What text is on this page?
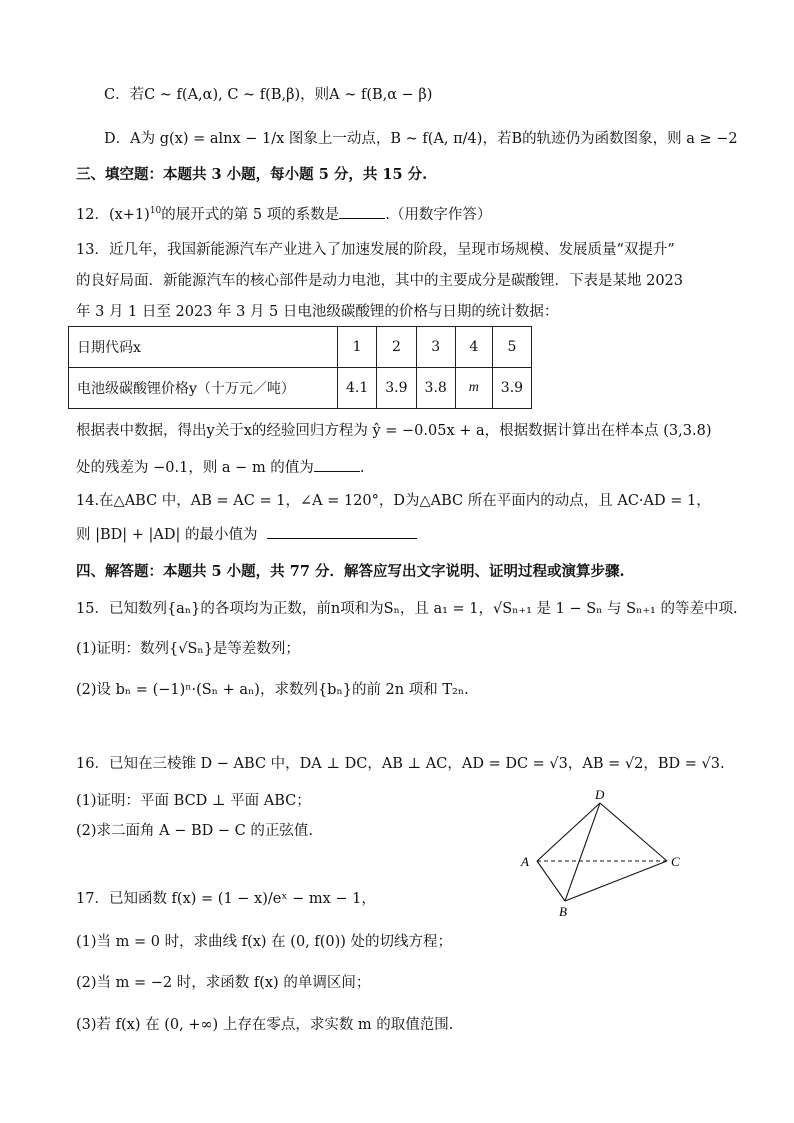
C．若C ~ f(A,α), C ~ f(B,β)，则A ~ f(B,α − β)
D．A为 g(x) = alnx − 1/x 图象上一动点，B ~ f(A, π/4)，若B的轨迹仍为函数图象，则 a ≥ −2
三、填空题：本题共 3 小题，每小题 5 分，共 15 分.
12．$(x+1)^{10}$的展开式的第 5 项的系数是	.（用数字作答）
13．近几年，我国新能源汽车产业进入了加速发展的阶段，呈现市场规模、发展质量“双提升”
的良好局面．新能源汽车的核心部件是动力电池，其中的主要成分是碳酸锂．下表是某地 2023
年 3 月 1 日至 2023 年 3 月 5 日电池级碳酸锂的价格与日期的统计数据：
日期代码x	1	2	3	4	5
电池级碳酸锂价格y（十万元／吨）	4.1	3.9	3.8	m	3.9
根据表中数据，得出y关于x的经验回归方程为 ŷ = −0.05x + a，根据数据计算出在样本点 (3,3.8)
处的残差为 −0.1，则 a − m 的值为	.
14.在△ABC 中，AB = AC = 1，∠A = 120°，D为△ABC 所在平面内的动点，且 AC·AD = 1，
则 |BD| + |AD| 的最小值为
四、解答题：本题共 5 小题，共 77 分．解答应写出文字说明、证明过程或演算步骤.
15．已知数列{aₙ}的各项均为正数，前n项和为Sₙ，且 a₁ = 1，√Sₙ₊₁ 是 1 − Sₙ 与 Sₙ₊₁ 的等差中项.
(1)证明：数列{√Sₙ}是等差数列；
(2)设 bₙ = (−1)ⁿ·(Sₙ + aₙ)，求数列{bₙ}的前 2n 项和 T₂ₙ.
16．已知在三棱锥 D − ABC 中，DA ⊥ DC，AB ⊥ AC，AD = DC = √3，AB = √2，BD = √3.
(1)证明：平面 BCD ⊥ 平面 ABC；
(2)求二面角 A − BD − C 的正弦值.
D
A
B
C
17．已知函数 f(x) = (1 − x)/eˣ − mx − 1，
(1)当 m = 0 时，求曲线 f(x) 在 (0, f(0)) 处的切线方程；
(2)当 m = −2 时，求函数 f(x) 的单调区间；
(3)若 f(x) 在 (0, +∞) 上存在零点，求实数 m 的取值范围.
